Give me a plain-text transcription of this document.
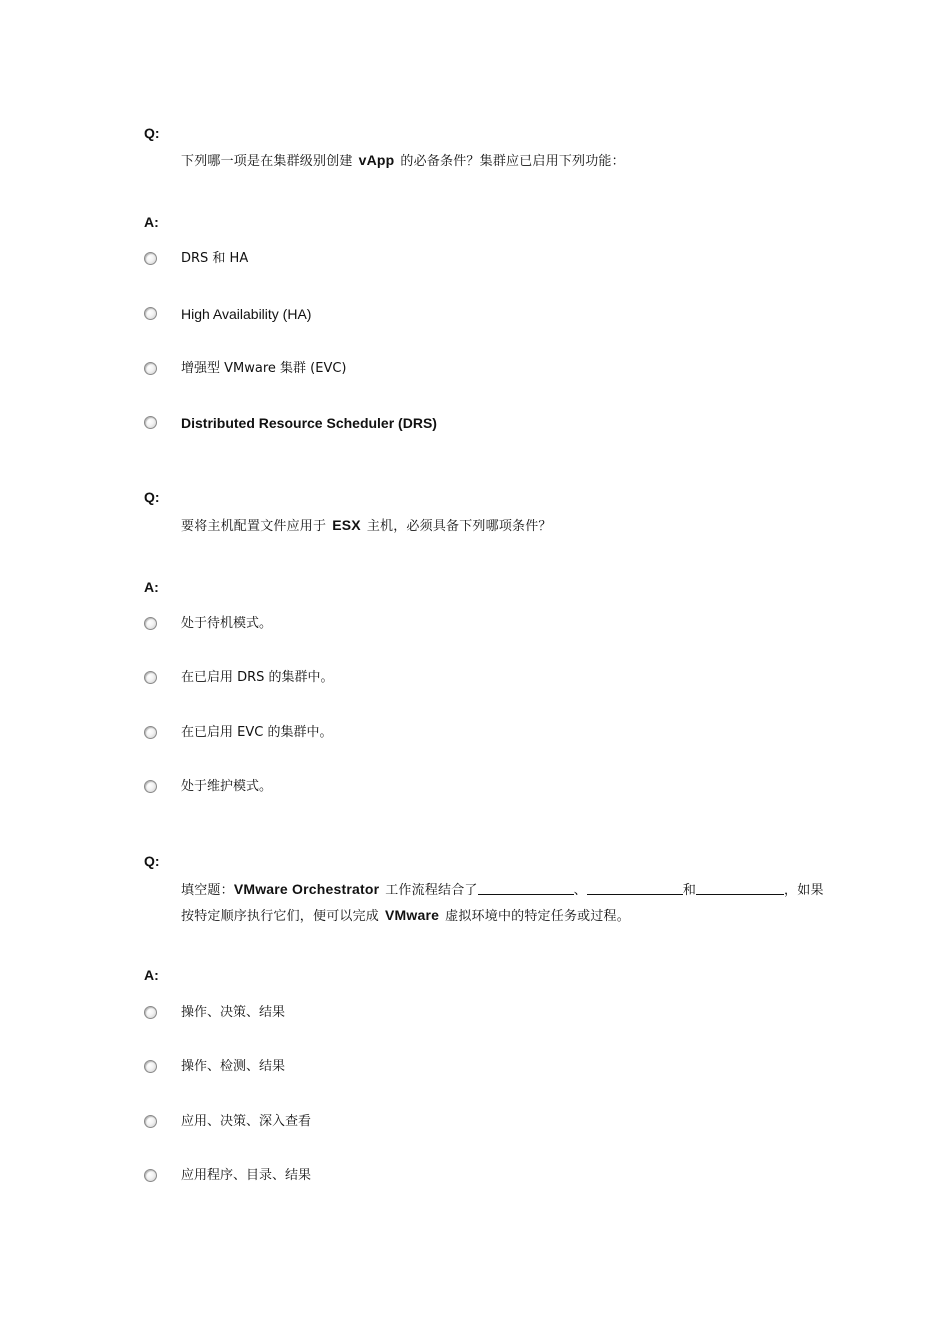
Q:
下列哪一项是在集群级别创建 vApp 的必备条件？集群应已启用下列功能：
A:
DRS 和 HA
High Availability (HA)
增强型 VMware 集群 (EVC)
Distributed Resource Scheduler (DRS)
Q:
要将主机配置文件应用于 ESX 主机，必须具备下列哪项条件？
A:
处于待机模式。
在已启用 DRS 的集群中。
在已启用 EVC 的集群中。
处于维护模式。
Q:
填空题：VMware Orchestrator 工作流程结合了	、	和	，如果按特定顺序执行它们，便可以完成 VMware 虚拟环境中的特定任务或过程。
A:
操作、决策、结果
操作、检测、结果
应用、决策、深入查看
应用程序、目录、结果
